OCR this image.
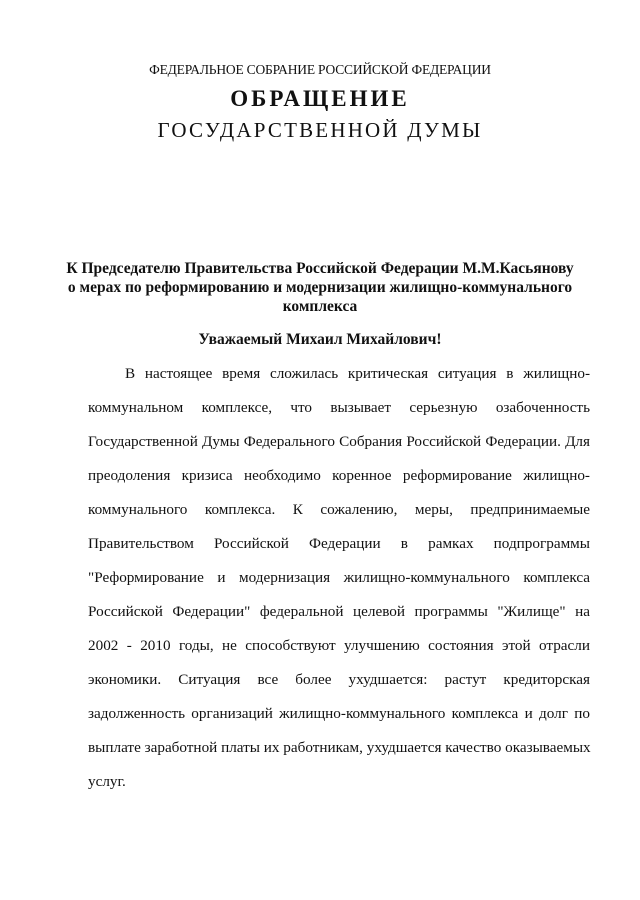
ФЕДЕРАЛЬНОЕ СОБРАНИЕ РОССИЙСКОЙ ФЕДЕРАЦИИ
ОБРАЩЕНИЕ
ГОСУДАРСТВЕННОЙ ДУМЫ
К Председателю Правительства Российской Федерации М.М.Касьянову
о мерах по реформированию и модернизации жилищно-коммунального
комплекса
Уважаемый Михаил Михайлович!
В настоящее время сложилась критическая ситуация в жилищно-
коммунальном комплексе, что вызывает серьезную озабоченность
Государственной Думы Федерального Собрания Российской Федерации. Для
преодоления кризиса необходимо коренное реформирование жилищно-
коммунального комплекса. К сожалению, меры, предпринимаемые
Правительством Российской Федерации в рамках подпрограммы
"Реформирование и модернизация жилищно-коммунального комплекса
Российской Федерации" федеральной целевой программы "Жилище" на
2002 - 2010 годы, не способствуют улучшению состояния этой отрасли
экономики. Ситуация все более ухудшается: растут кредиторская
задолженность организаций жилищно-коммунального комплекса и долг по
выплате заработной платы их работникам, ухудшается качество оказываемых
услуг.
